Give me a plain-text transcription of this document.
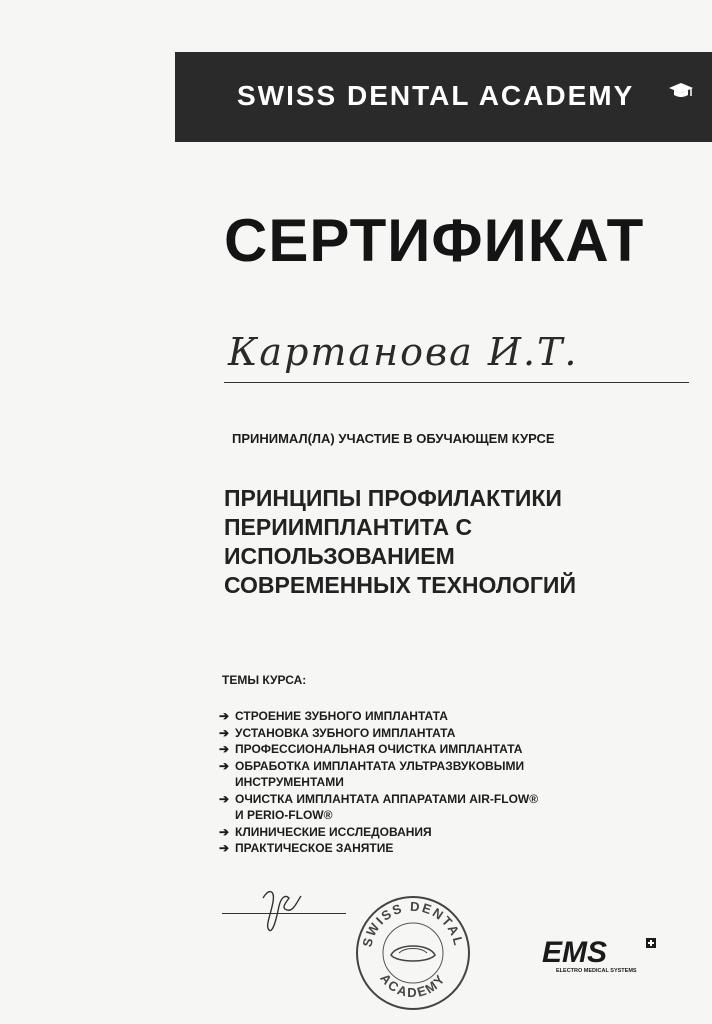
SWISS DENTAL ACADEMY
СЕРТИФИКАТ
Картанова И.Т.
ПРИНИМАЛ(ЛА) УЧАСТИЕ В ОБУЧАЮЩЕМ КУРСЕ
ПРИНЦИПЫ ПРОФИЛАКТИКИ
ПЕРИИМПЛАНТИТА С
ИСПОЛЬЗОВАНИЕМ
СОВРЕМЕННЫХ ТЕХНОЛОГИЙ
ТЕМЫ КУРСА:
➔ СТРОЕНИЕ ЗУБНОГО ИМПЛАНТАТА
➔ УСТАНОВКА ЗУБНОГО ИМПЛАНТАТА
➔ ПРОФЕССИОНАЛЬНАЯ ОЧИСТКА ИМПЛАНТАТА
➔ ОБРАБОТКА ИМПЛАНТАТА УЛЬТРАЗВУКОВЫМИ
ИНСТРУМЕНТАМИ
➔ ОЧИСТКА ИМПЛАНТАТА АППАРАТАМИ AIR-FLOW®
И PERIO-FLOW®
➔ КЛИНИЧЕСКИЕ ИССЛЕДОВАНИЯ
➔ ПРАКТИЧЕСКОЕ ЗАНЯТИЕ
SWISS DENTAL
ACADEMY
EMS
ELECTRO MEDICAL SYSTEMS
